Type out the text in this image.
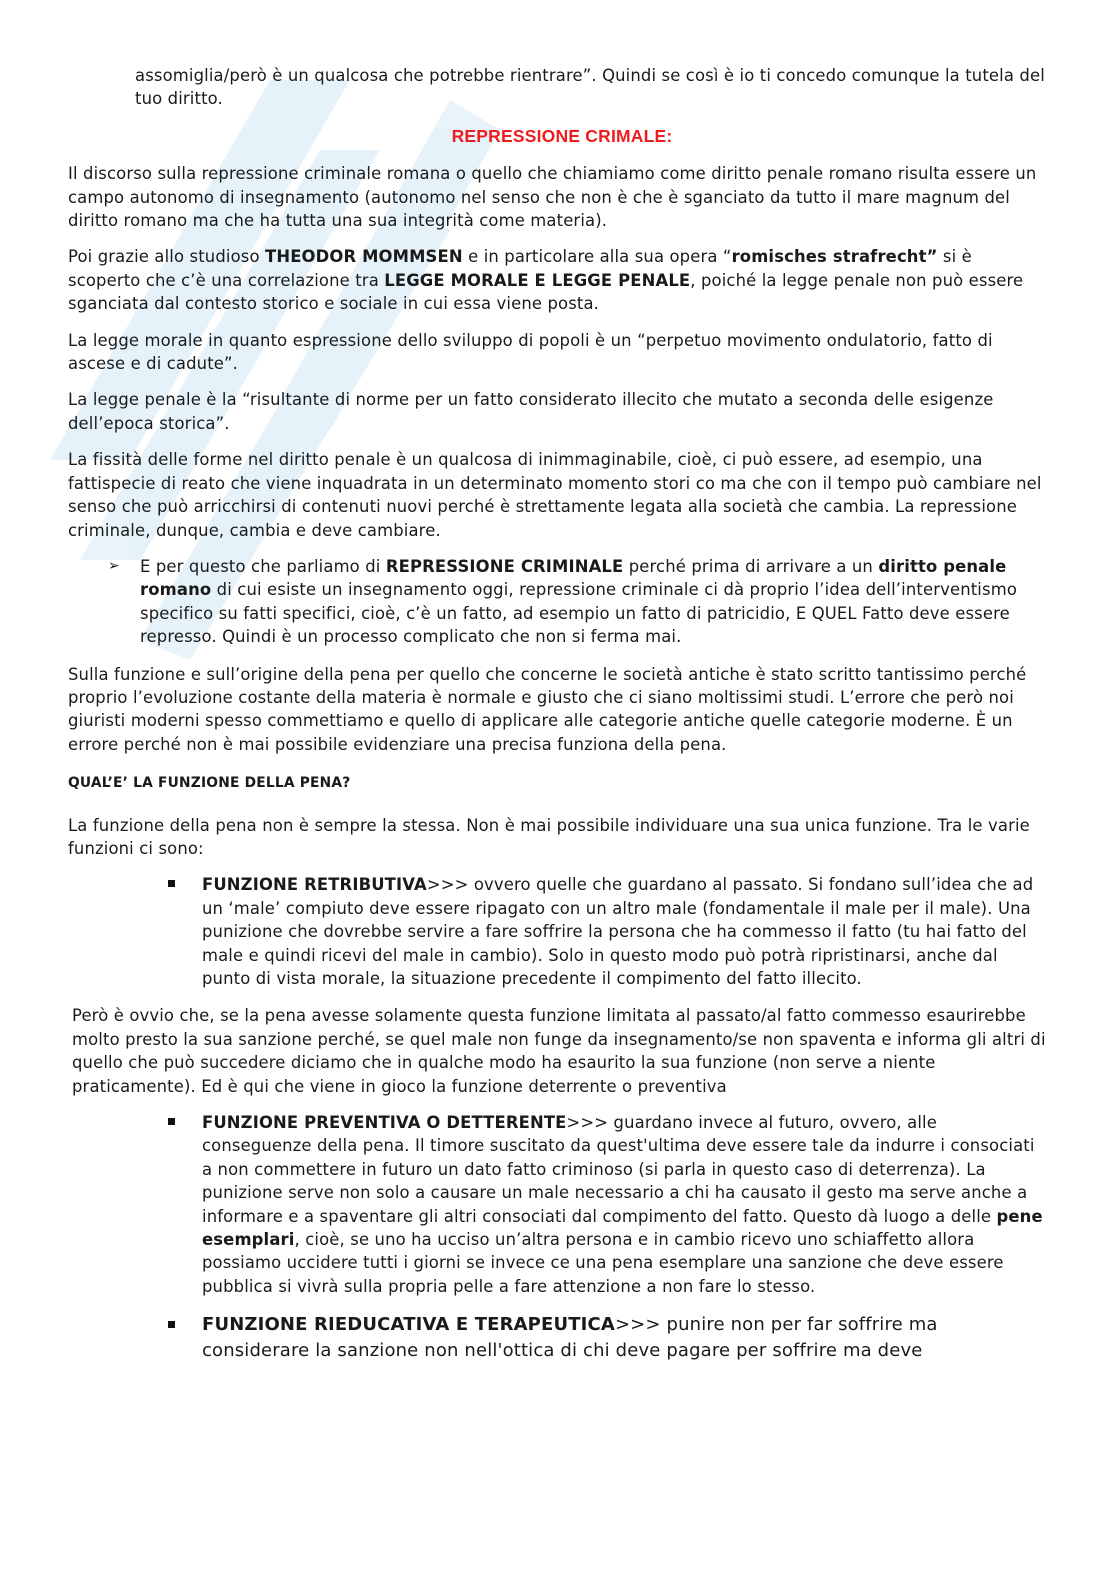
assomiglia/però è un qualcosa che potrebbe rientrare”. Quindi se così è io ti concedo comunque la tutela del tuo diritto.

REPRESSIONE CRIMALE:

Il discorso sulla repressione criminale romana o quello che chiamiamo come diritto penale romano risulta essere un campo autonomo di insegnamento (autonomo nel senso che non è che è sganciato da tutto il mare magnum del diritto romano ma che ha tutta una sua integrità come materia).

Poi grazie allo studioso THEODOR MOMMSEN e in particolare alla sua opera “romisches strafrecht” si è scoperto che c’è una correlazione tra LEGGE MORALE E LEGGE PENALE, poiché la legge penale non può essere sganciata dal contesto storico e sociale in cui essa viene posta.

La legge morale in quanto espressione dello sviluppo di popoli è un “perpetuo movimento ondulatorio, fatto di ascese e di cadute”.

La legge penale è la “risultante di norme per un fatto considerato illecito che mutato a seconda delle esigenze dell’epoca storica”.

La fissità delle forme nel diritto penale è un qualcosa di inimmaginabile, cioè, ci può essere, ad esempio, una fattispecie di reato che viene inquadrata in un determinato momento stori co ma che con il tempo può cambiare nel senso che può arricchirsi di contenuti nuovi perché è strettamente legata alla società che cambia. La repressione criminale, dunque, cambia e deve cambiare.

➢ E per questo che parliamo di REPRESSIONE CRIMINALE perché prima di arrivare a un diritto penale romano di cui esiste un insegnamento oggi, repressione criminale ci dà proprio l’idea dell’interventismo specifico su fatti specifici, cioè, c’è un fatto, ad esempio un fatto di patricidio, E QUEL Fatto deve essere represso. Quindi è un processo complicato che non si ferma mai.

Sulla funzione e sull’origine della pena per quello che concerne le società antiche è stato scritto tantissimo perché proprio l’evoluzione costante della materia è normale e giusto che ci siano moltissimi studi. L’errore che però noi giuristi moderni spesso commettiamo e quello di applicare alle categorie antiche quelle categorie moderne. È un errore perché non è mai possibile evidenziare una precisa funziona della pena.

QUAL’E’ LA FUNZIONE DELLA PENA?

La funzione della pena non è sempre la stessa. Non è mai possibile individuare una sua unica funzione. Tra le varie funzioni ci sono:

FUNZIONE RETRIBUTIVA>>> ovvero quelle che guardano al passato. Si fondano sull’idea che ad un ‘male’ compiuto deve essere ripagato con un altro male (fondamentale il male per il male). Una punizione che dovrebbe servire a fare soffrire la persona che ha commesso il fatto (tu hai fatto del male e quindi ricevi del male in cambio). Solo in questo modo può potrà ripristinarsi, anche dal punto di vista morale, la situazione precedente il compimento del fatto illecito.

Però è ovvio che, se la pena avesse solamente questa funzione limitata al passato/al fatto commesso esaurirebbe molto presto la sua sanzione perché, se quel male non funge da insegnamento/se non spaventa e informa gli altri di quello che può succedere diciamo che in qualche modo ha esaurito la sua funzione (non serve a niente praticamente). Ed è qui che viene in gioco la funzione deterrente o preventiva

FUNZIONE PREVENTIVA O DETTERENTE>>> guardano invece al futuro, ovvero, alle conseguenze della pena. Il timore suscitato da quest'ultima deve essere tale da indurre i consociati a non commettere in futuro un dato fatto criminoso (si parla in questo caso di deterrenza). La punizione serve non solo a causare un male necessario a chi ha causato il gesto ma serve anche a informare e a spaventare gli altri consociati dal compimento del fatto. Questo dà luogo a delle pene esemplari, cioè, se uno ha ucciso un’altra persona e in cambio ricevo uno schiaffetto allora possiamo uccidere tutti i giorni se invece ce una pena esemplare una sanzione che deve essere pubblica si vivrà sulla propria pelle a fare attenzione a non fare lo stesso.
FUNZIONE RIEDUCATIVA E TERAPEUTICA>>> punire non per far soffrire ma considerare la sanzione non nell'ottica di chi deve pagare per soffrire ma deve
